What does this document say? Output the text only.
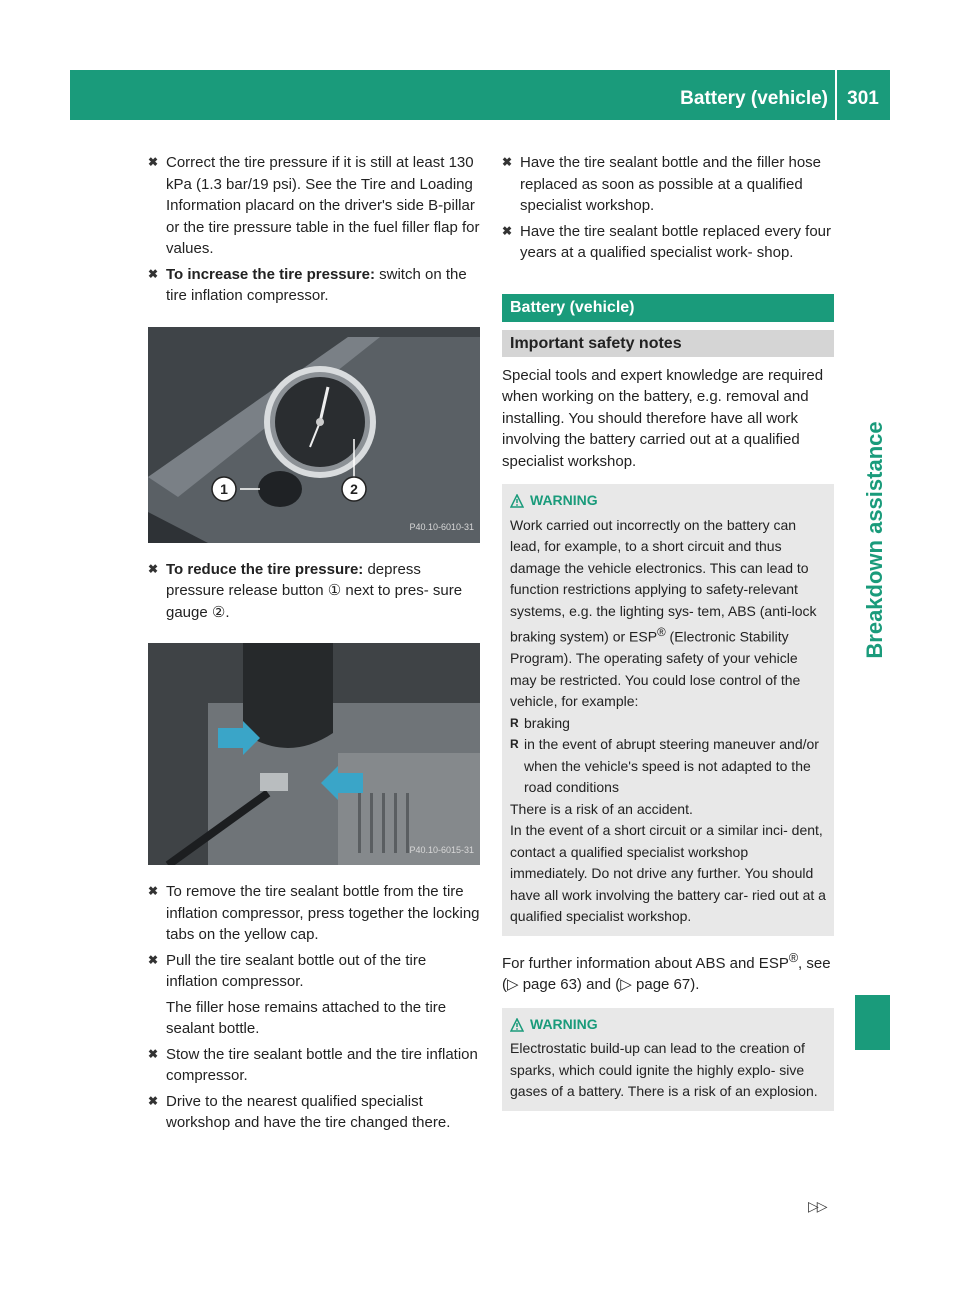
Battery (vehicle)	301
Breakdown assistance
✖ Correct the tire pressure if it is still at least 130 kPa (1.3 bar/19 psi). See the Tire and Loading Information placard on the driver's side B-pillar or the tire pressure table in the fuel filler flap for values.
✖ To increase the tire pressure: switch on the tire inflation compressor.
1	2
P40.10-6010-31
✖ To reduce the tire pressure: depress pressure release button ① next to pres- sure gauge ②.
P40.10-6015-31
✖ To remove the tire sealant bottle from the tire inflation compressor, press together the locking tabs on the yellow cap.
✖ Pull the tire sealant bottle out of the tire inflation compressor.
The filler hose remains attached to the tire sealant bottle.
✖ Stow the tire sealant bottle and the tire inflation compressor.
✖ Drive to the nearest qualified specialist workshop and have the tire changed there.
✖ Have the tire sealant bottle and the filler hose replaced as soon as possible at a qualified specialist workshop.
✖ Have the tire sealant bottle replaced every four years at a qualified specialist work- shop.
Battery (vehicle)
Important safety notes
Special tools and expert knowledge are required when working on the battery, e.g. removal and installing. You should therefore have all work involving the battery carried out at a qualified specialist workshop.
WARNING
Work carried out incorrectly on the battery can lead, for example, to a short circuit and thus damage the vehicle electronics. This can lead to function restrictions applying to safety-relevant systems, e.g. the lighting sys- tem, ABS (anti-lock braking system) or ESP® (Electronic Stability Program). The operating safety of your vehicle may be restricted. You could lose control of the vehicle, for example:
R braking
R in the event of abrupt steering maneuver and/or when the vehicle's speed is not adapted to the road conditions
There is a risk of an accident.
In the event of a short circuit or a similar inci- dent, contact a qualified specialist workshop immediately. Do not drive any further. You should have all work involving the battery car- ried out at a qualified specialist workshop.
For further information about ABS and ESP®, see (▷ page 63) and (▷ page 67).
WARNING
Electrostatic build-up can lead to the creation of sparks, which could ignite the highly explo- sive gases of a battery. There is a risk of an explosion.
▷▷
